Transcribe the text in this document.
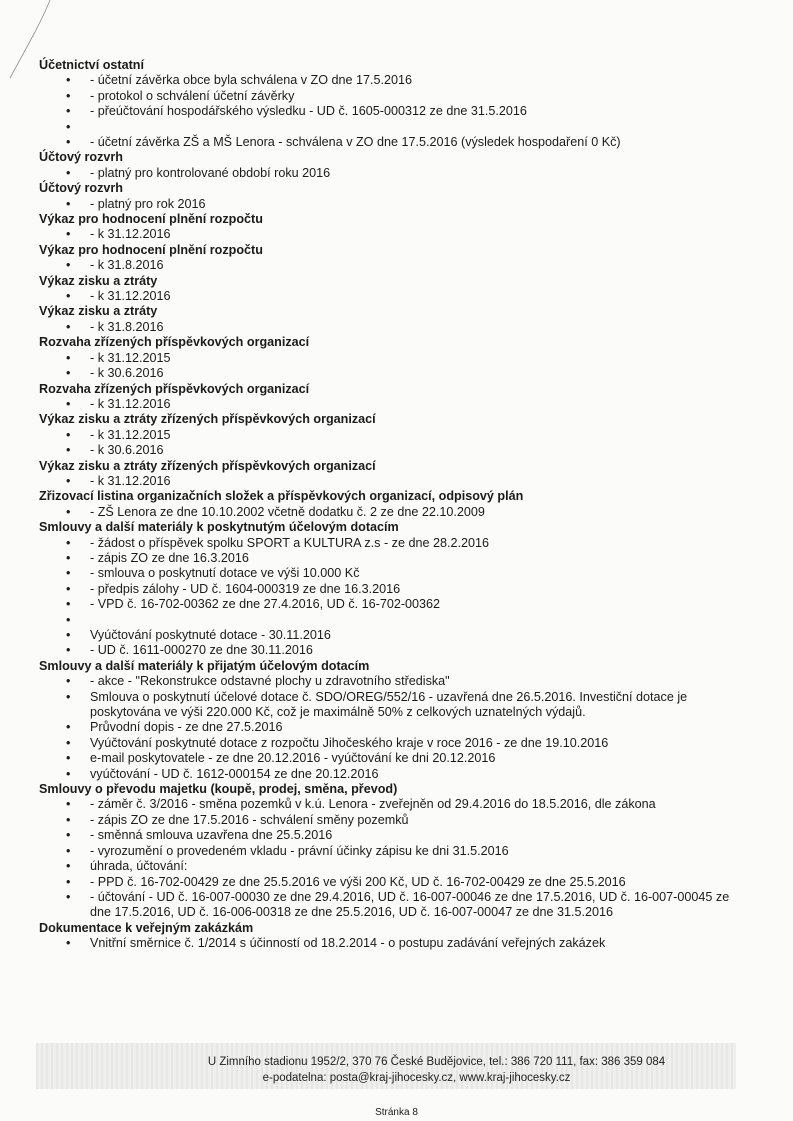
Účetnictví ostatní
• - účetní závěrka obce byla schválena v ZO dne 17.5.2016
• - protokol o schválení účetní závěrky
• - přeúčtování hospodářského výsledku - UD č. 1605-000312 ze dne 31.5.2016
•
• - účetní závěrka ZŠ a MŠ Lenora - schválena v ZO dne 17.5.2016 (výsledek hospodaření 0 Kč)
Účtový rozvrh
• - platný pro kontrolované období roku 2016
Účtový rozvrh
• - platný pro rok 2016
Výkaz pro hodnocení plnění rozpočtu
• - k 31.12.2016
Výkaz pro hodnocení plnění rozpočtu
• - k 31.8.2016
Výkaz zisku a ztráty
• - k 31.12.2016
Výkaz zisku a ztráty
• - k 31.8.2016
Rozvaha zřízených příspěvkových organizací
• - k 31.12.2015
• - k 30.6.2016
Rozvaha zřízených příspěvkových organizací
• - k 31.12.2016
Výkaz zisku a ztráty zřízených příspěvkových organizací
• - k 31.12.2015
• - k 30.6.2016
Výkaz zisku a ztráty zřízených příspěvkových organizací
• - k 31.12.2016
Zřizovací listina organizačních složek a příspěvkových organizací, odpisový plán
• - ZŠ Lenora ze dne 10.10.2002 včetně dodatku č. 2 ze dne 22.10.2009
Smlouvy a další materiály k poskytnutým účelovým dotacím
• - žádost o příspěvek spolku SPORT a KULTURA z.s - ze dne 28.2.2016
• - zápis ZO ze dne 16.3.2016
• - smlouva o poskytnutí dotace ve výši 10.000 Kč
• - předpis zálohy - UD č. 1604-000319 ze dne 16.3.2016
• - VPD č. 16-702-00362 ze dne 27.4.2016, UD č. 16-702-00362
•
• Vyúčtování poskytnuté dotace - 30.11.2016
• - UD č. 1611-000270 ze dne 30.11.2016
Smlouvy a další materiály k přijatým účelovým dotacím
• - akce - "Rekonstrukce odstavné plochy u zdravotního střediska"
• Smlouva o poskytnutí účelové dotace č. SDO/OREG/552/16 - uzavřená dne 26.5.2016. Investiční dotace je poskytována ve výši 220.000 Kč, což je maximálně 50% z celkových uznatelných výdajů.
• Průvodní dopis - ze dne 27.5.2016
• Vyúčtování poskytnuté dotace z rozpočtu Jihočeského kraje v roce 2016 - ze dne 19.10.2016
• e-mail poskytovatele - ze dne 20.12.2016 - vyúčtování ke dni 20.12.2016
• vyúčtování - UD č. 1612-000154 ze dne 20.12.2016
Smlouvy o převodu majetku (koupě, prodej, směna, převod)
• - záměr č. 3/2016 - směna pozemků v k.ú. Lenora - zveřejněn od 29.4.2016 do 18.5.2016, dle zákona
• - zápis ZO ze dne 17.5.2016 - schválení směny pozemků
• - směnná smlouva uzavřena dne 25.5.2016
• - vyrozumění o provedeném vkladu - právní účinky zápisu ke dni 31.5.2016
• úhrada, účtování:
• - PPD č. 16-702-00429 ze dne 25.5.2016 ve výši 200 Kč, UD č. 16-702-00429 ze dne 25.5.2016
• - účtování - UD č. 16-007-00030 ze dne 29.4.2016, UD č. 16-007-00046 ze dne 17.5.2016, UD č. 16-007-00045 ze dne 17.5.2016, UD č. 16-006-00318 ze dne 25.5.2016, UD č. 16-007-00047 ze dne 31.5.2016
Dokumentace k veřejným zakázkám
• Vnitřní směrnice č. 1/2014 s účinností od 18.2.2014 - o postupu zadávání veřejných zakázek
U Zimního stadionu 1952/2, 370 76 České Budějovice, tel.: 386 720 111, fax: 386 359 084
e-podatelna: posta@kraj-jihocesky.cz, www.kraj-jihocesky.cz
Stránka 8
